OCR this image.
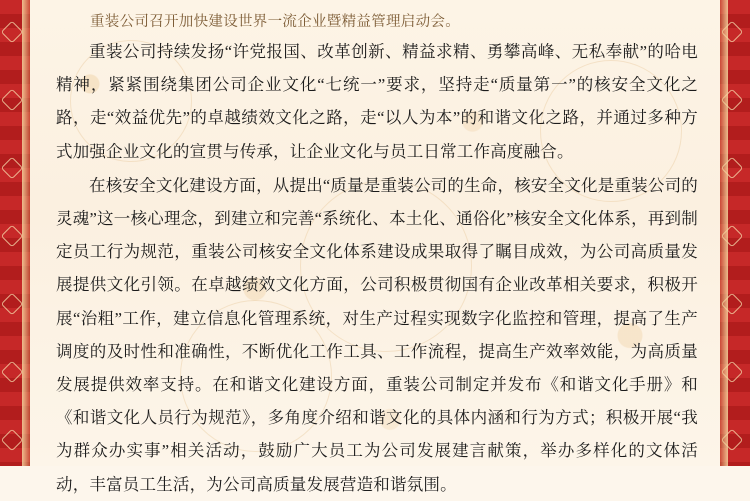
重装公司召开加快建设世界一流企业暨精益管理启动会。

重装公司持续发扬“许党报国、改革创新、精益求精、勇攀高峰、无私奉献”的哈电精神，紧紧围绕集团公司企业文化“七统一”要求，坚持走“质量第一”的核安全文化之路，走“效益优先”的卓越绩效文化之路，走“以人为本”的和谐文化之路，并通过多种方式加强企业文化的宣贯与传承，让企业文化与员工日常工作高度融合。

在核安全文化建设方面，从提出“质量是重装公司的生命，核安全文化是重装公司的灵魂”这一核心理念，到建立和完善“系统化、本土化、通俗化”核安全文化体系，再到制定员工行为规范，重装公司核安全文化体系建设成果取得了瞩目成效，为公司高质量发展提供文化引领。在卓越绩效文化方面，公司积极贯彻国有企业改革相关要求，积极开展“治粗”工作，建立信息化管理系统，对生产过程实现数字化监控和管理，提高了生产调度的及时性和准确性，不断优化工作工具、工作流程，提高生产效率效能，为高质量发展提供效率支持。在和谐文化建设方面，重装公司制定并发布《和谐文化手册》和《和谐文化人员行为规范》，多角度介绍和谐文化的具体内涵和行为方式；积极开展“我为群众办实事”相关活动，鼓励广大员工为公司发展建言献策，举办多样化的文体活动，丰富员工生活，为公司高质量发展营造和谐氛围。
